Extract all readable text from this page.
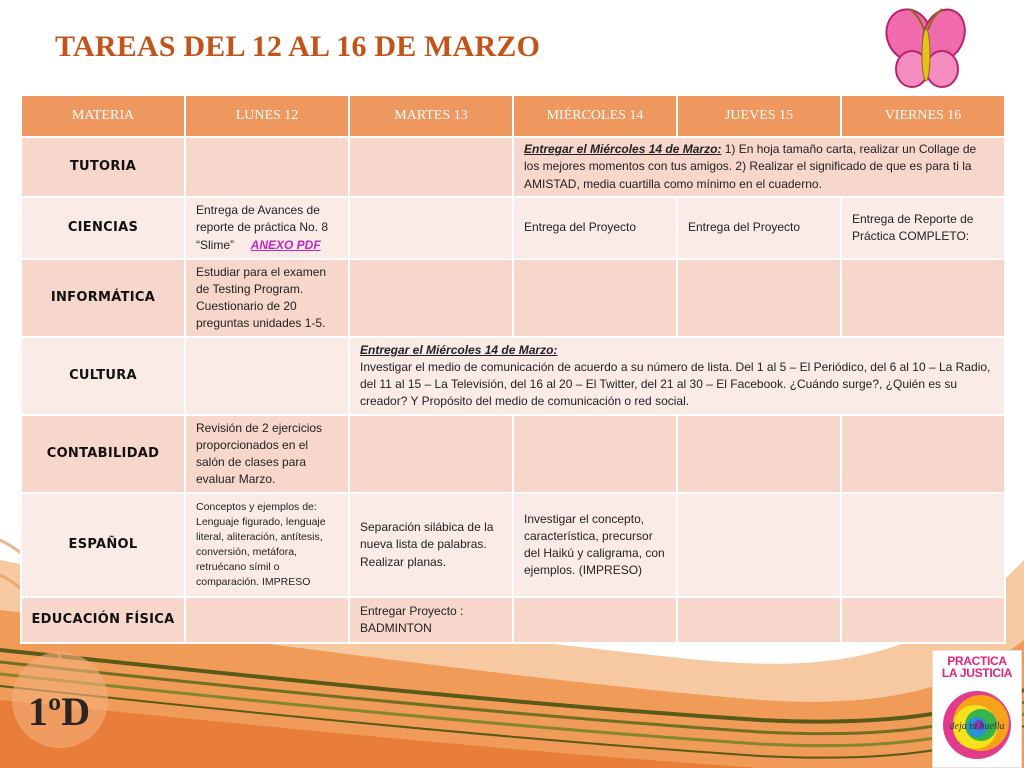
TAREAS DEL 12 AL 16 DE MARZO
MATERIA	LUNES 12	MARTES 13	MIÉRCOLES 14	JUEVES 15	VIERNES 16
TUTORIA			Entregar el Miércoles 14 de Marzo: 1) En hoja tamaño carta, realizar un Collage de los mejores momentos con tus amigos. 2) Realizar el significado de que es para ti la AMISTAD, media cuartilla como mínimo en el cuaderno.		
CIENCIAS	Entrega de Avances de reporte de práctica No. 8 “Slime” ANEXO PDF		Entrega del Proyecto	Entrega del Proyecto	Entrega de Reporte de Práctica COMPLETO:
INFORMÁTICA	Estudiar para el examen de Testing Program. Cuestionario de 20 preguntas unidades 1-5.				
CULTURA		Entregar el Miércoles 14 de Marzo:
Investigar el medio de comunicación de acuerdo a su número de lista. Del 1 al 5 – El Periódico, del 6 al 10 – La Radio, del 11 al 15 – La Televisión, del 16 al 20 – El Twitter, del 21 al 30 – El Facebook. ¿Cuándo surge?, ¿Quién es su creador? Y Propósito del medio de comunicación o red social.			
CONTABILIDAD	Revisión de 2 ejercicios proporcionados en el salón de clases para evaluar Marzo.				
ESPAÑOL	Conceptos y ejemplos de: Lenguaje figurado, lenguaje literal, aliteración, antítesis, conversión, metáfora, retruécano símil o comparación. IMPRESO	Separación silábica de la nueva lista de palabras. Realizar planas.	Investigar el concepto, característica, precursor del Haikú y caligrama, con ejemplos. (IMPRESO)		
EDUCACIÓN FÍSICA		Entregar Proyecto : BADMINTON			

1ºD

PRACTICA
LA JUSTICIA
deja tu huella
